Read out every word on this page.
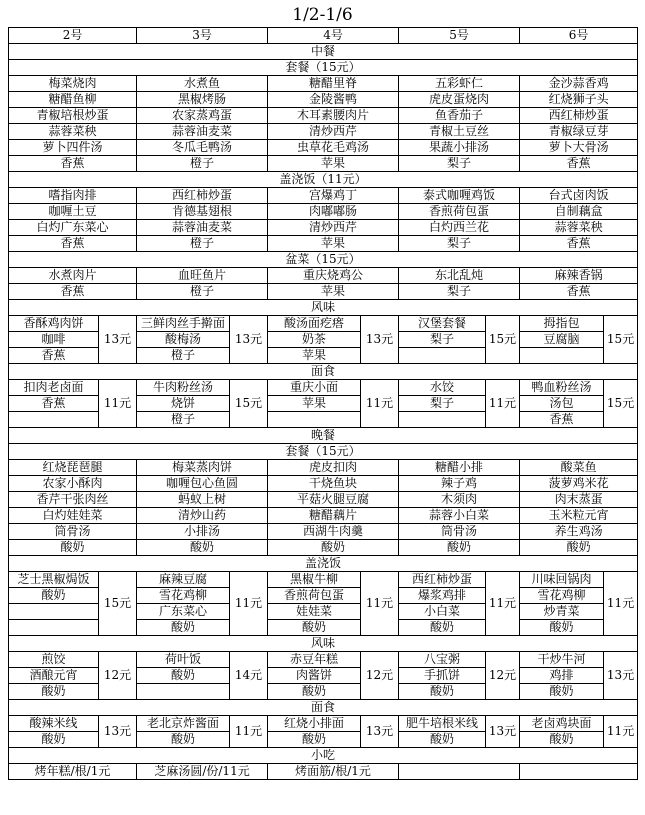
1/2-1/6
2号		3号		4号		5号		6号	
中餐									
套餐（15元）									
梅菜烧肉		水煮鱼		糖醋里脊		五彩虾仁		金沙蒜香鸡	
糖醋鱼柳		黑椒烤肠		金陵酱鸭		虎皮蛋烧肉		红烧狮子头	
青椒培根炒蛋		农家蒸鸡蛋		木耳素腰肉片		鱼香茄子		西红柿炒蛋	
蒜蓉菜秧		蒜蓉油麦菜		清炒西芹		青椒土豆丝		青椒绿豆芽	
萝卜四件汤		冬瓜毛鸭汤		虫草花毛鸡汤		果蔬小排汤		萝卜大骨汤	
香蕉		橙子		苹果		梨子		香蕉	
盖浇饭（11元）									
嗜指肉排		西红柿炒蛋		宫爆鸡丁		泰式咖喱鸡饭		台式卤肉饭	
咖喱土豆		肯德基翅根		肉嘟嘟肠		香煎荷包蛋		自制藕盒	
白灼广东菜心		蒜蓉油麦菜		清炒西芹		白灼西兰花		蒜蓉菜秧	
香蕉		橙子		苹果		梨子		香蕉	
盆菜（15元）									
水煮肉片		血旺鱼片		重庆烧鸡公		东北乱炖		麻辣香锅	
香蕉		橙子		苹果		梨子		香蕉	
风味									
香酥鸡肉饼	13元	三鲜肉丝手擀面	13元	酸汤面疙瘩	13元	汉堡套餐	15元	拇指包	15元
咖啡		酸梅汤		奶茶		梨子		豆腐脑	
香蕉		橙子		苹果					
面食									
扣肉老卤面	11元	牛肉粉丝汤	15元	重庆小面	11元	水饺	11元	鸭血粉丝汤	15元
香蕉		烧饼		苹果		梨子		汤包	
		橙子						香蕉	
晚餐									
套餐（15元）									
红烧琵琶腿		梅菜蒸肉饼		虎皮扣肉		糖醋小排		酸菜鱼	
农家小酥肉		咖喱包心鱼圆		干烧鱼块		辣子鸡		菠萝鸡米花	
香芹干张肉丝		蚂蚁上树		平菇火腿豆腐		木须肉		肉末蒸蛋	
白灼娃娃菜		清炒山药		糖醋藕片		蒜蓉小白菜		玉米粒元宵	
筒骨汤		小排汤		西湖牛肉羹		筒骨汤		养生鸡汤	
酸奶		酸奶		酸奶		酸奶		酸奶	
盖浇饭									
芝士黑椒焗饭	15元	麻辣豆腐	11元	黑椒牛柳	11元	西红柿炒蛋	11元	川味回锅肉	11元
酸奶		雪花鸡柳		香煎荷包蛋		爆浆鸡排		雪花鸡柳	
		广东菜心		娃娃菜		小白菜		炒青菜	
		酸奶		酸奶		酸奶		酸奶	
风味									
煎饺	12元	荷叶饭	14元	赤豆年糕	12元	八宝粥	12元	干炒牛河	13元
酒酿元宵		酸奶		肉酱饼		手抓饼		鸡排	
酸奶				酸奶		酸奶		酸奶	
面食									
酸辣米线	13元	老北京炸酱面	11元	红烧小排面	13元	肥牛培根米线	13元	老卤鸡块面	11元
酸奶		酸奶		酸奶		酸奶		酸奶	
小吃									
烤年糕/根/1元		芝麻汤圆/份/11元		烤面筋/根/1元					
